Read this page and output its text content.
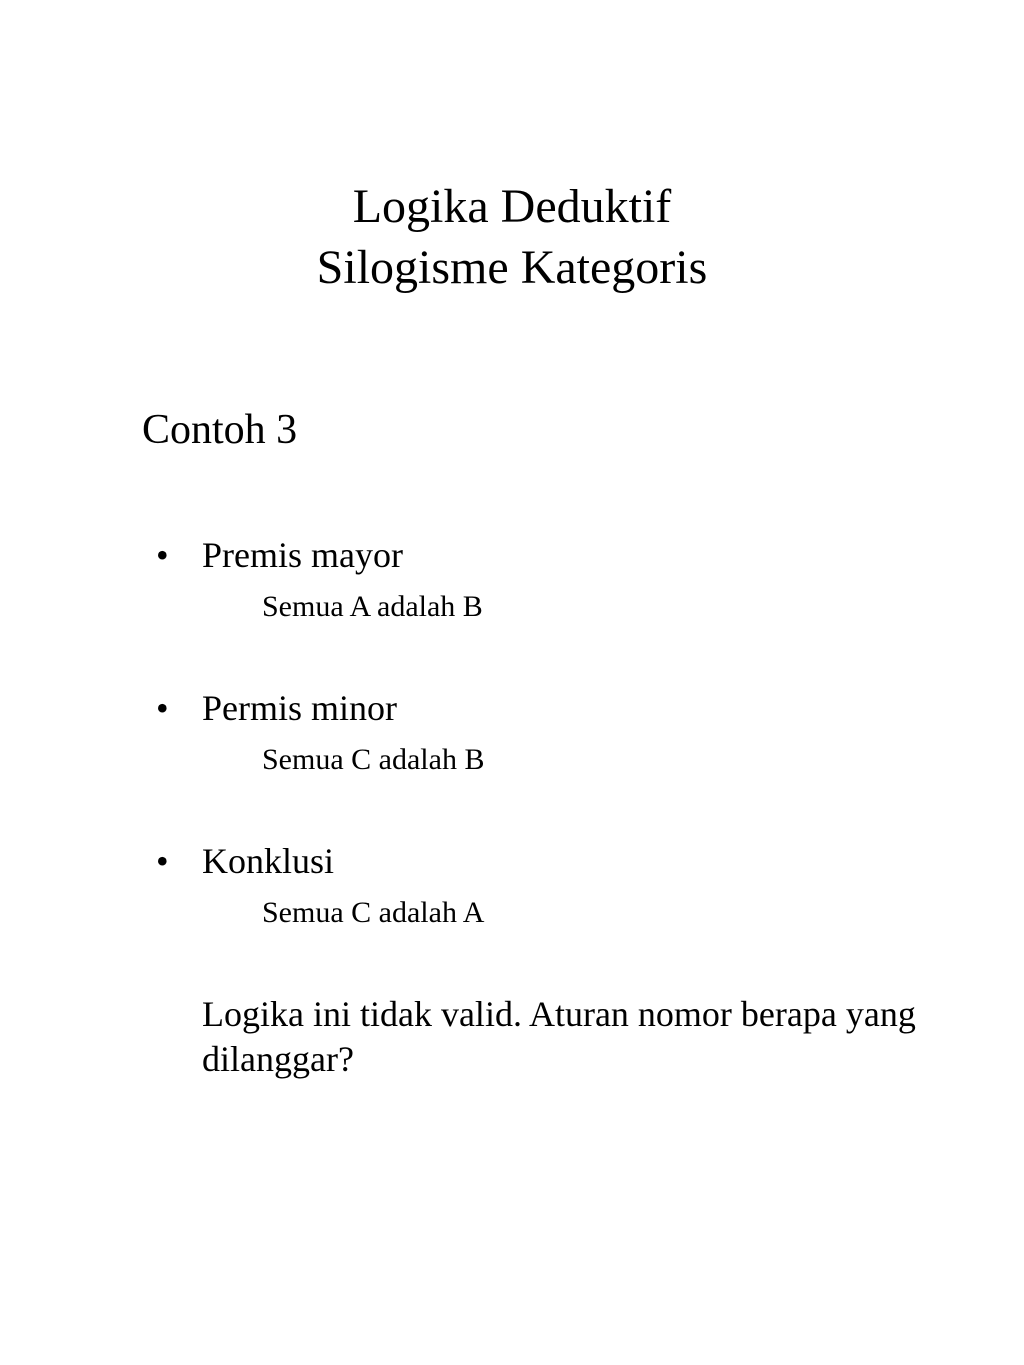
Logika Deduktif
Silogisme Kategoris
Contoh 3
• Premis mayor
Semua A adalah B
• Permis minor
Semua C adalah B
• Konklusi
Semua C adalah A

Logika ini tidak valid. Aturan nomor berapa yang dilanggar?
